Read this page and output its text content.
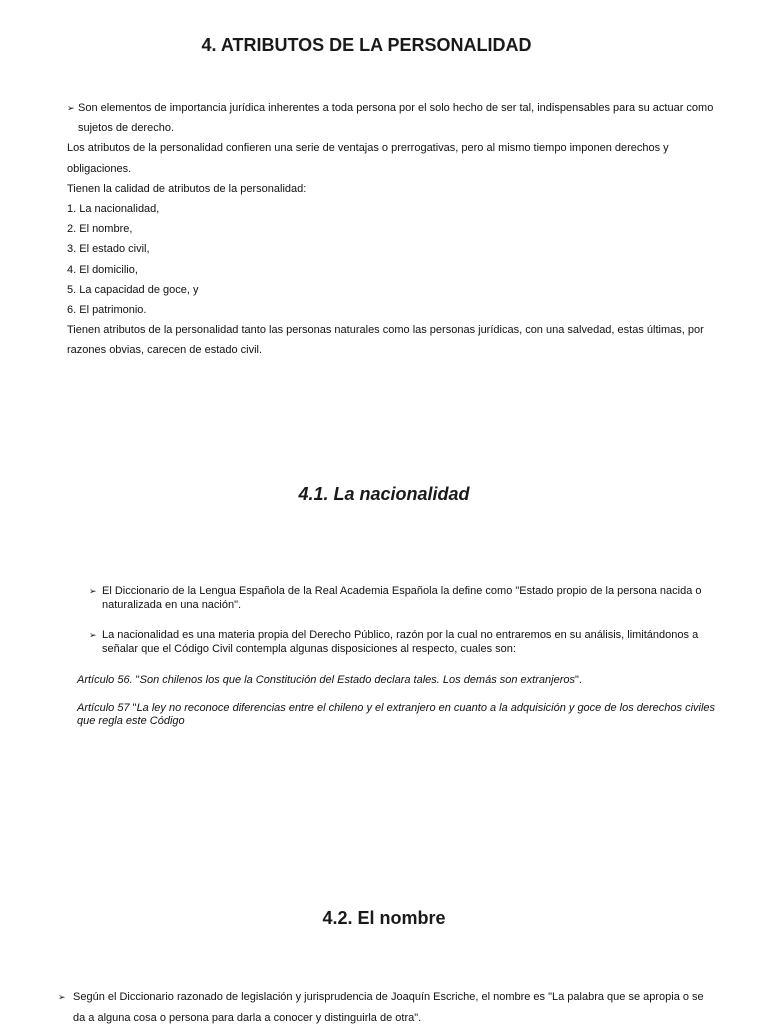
4. ATRIBUTOS DE LA PERSONALIDAD

➢ Son elementos de importancia jurídica inherentes a toda persona por el solo hecho de ser tal, indispensables para su actuar como sujetos de derecho.

Los atributos de la personalidad confieren una serie de ventajas o prerrogativas, pero al mismo tiempo imponen derechos y obligaciones.

Tienen la calidad de atributos de la personalidad:

1. La nacionalidad,

2. El nombre,

3. El estado civil,

4. El domicilio,

5. La capacidad de goce, y

6. El patrimonio.

Tienen atributos de la personalidad tanto las personas naturales como las personas jurídicas, con una salvedad, estas últimas, por razones obvias, carecen de estado civil.

4.1. La nacionalidad
➢ El Diccionario de la Lengua Española de la Real Academia Española la define como "Estado propio de la persona nacida o naturalizada en una nación".
➢ La nacionalidad es una materia propia del Derecho Público, razón por la cual no entraremos en su análisis, limitándonos a señalar que el Código Civil contempla algunas disposiciones al respecto, cuales son:
Artículo 56. "Son chilenos los que la Constitución del Estado declara tales. Los demás son extranjeros".
Artículo 57 "La ley no reconoce diferencias entre el chileno y el extranjero en cuanto a la adquisición y goce de los derechos civiles que regla este Código
4.2. El nombre
➢ Según el Diccionario razonado de legislación y jurisprudencia de Joaquín Escriche, el nombre es "La palabra que se apropia o se da a alguna cosa o persona para darla a conocer y distinguirla de otra".
